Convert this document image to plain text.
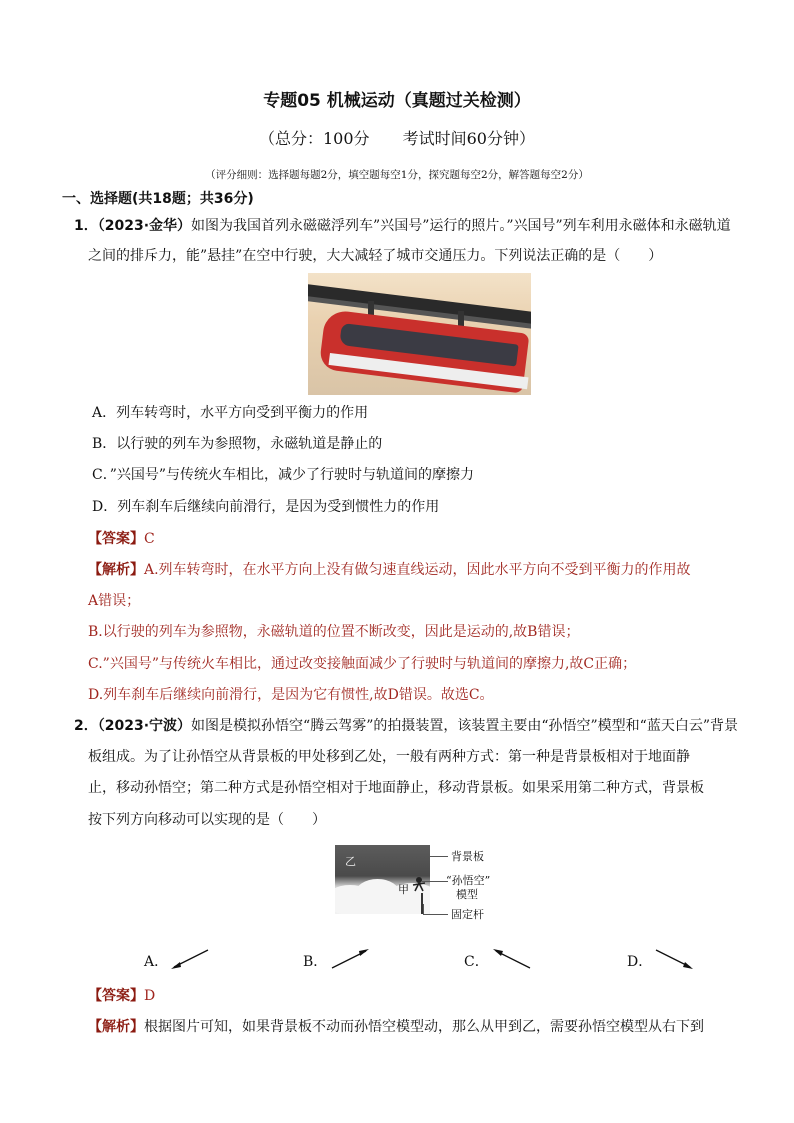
专题05 机械运动（真题过关检测）
（总分：100分 考试时间60分钟）
（评分细则：选择题每题2分，填空题每空1分，探究题每空2分，解答题每空2分）
一、选择题(共18题；共36分)
1．（2023·金华）如图为我国首列永磁磁浮列车”兴国号”运行的照片。”兴国号”列车利用永磁体和永磁轨道
之间的排斥力，能”悬挂”在空中行驶，大大减轻了城市交通压力。下列说法正确的是（　　）
A．列车转弯时，水平方向受到平衡力的作用
B．以行驶的列车为参照物，永磁轨道是静止的
C．”兴国号”与传统火车相比，减少了行驶时与轨道间的摩擦力
D．列车刹车后继续向前滑行，是因为受到惯性力的作用
【答案】C
【解析】A.列车转弯时，在水平方向上没有做匀速直线运动，因此水平方向不受到平衡力的作用故
A错误；
B.以行驶的列车为参照物，永磁轨道的位置不断改变，因此是运动的,故B错误；
C.”兴国号”与传统火车相比，通过改变接触面减少了行驶时与轨道间的摩擦力,故C正确；
D.列车刹车后继续向前滑行，是因为它有惯性,故D错误。故选C。
2．（2023·宁波）如图是模拟孙悟空“腾云驾雾”的拍摄装置，该装置主要由“孙悟空”模型和“蓝天白云”背景
板组成。为了让孙悟空从背景板的甲处移到乙处，一般有两种方式：第一种是背景板相对于地面静
止，移动孙悟空；第二种方式是孙悟空相对于地面静止，移动背景板。如果采用第二种方式，背景板
按下列方向移动可以实现的是（　　）
乙
甲
背景板
“孙悟空”
模型
固定杆
A．	B．	C．	D．
【答案】D
【解析】根据图片可知，如果背景板不动而孙悟空模型动，那么从甲到乙，需要孙悟空模型从右下到
